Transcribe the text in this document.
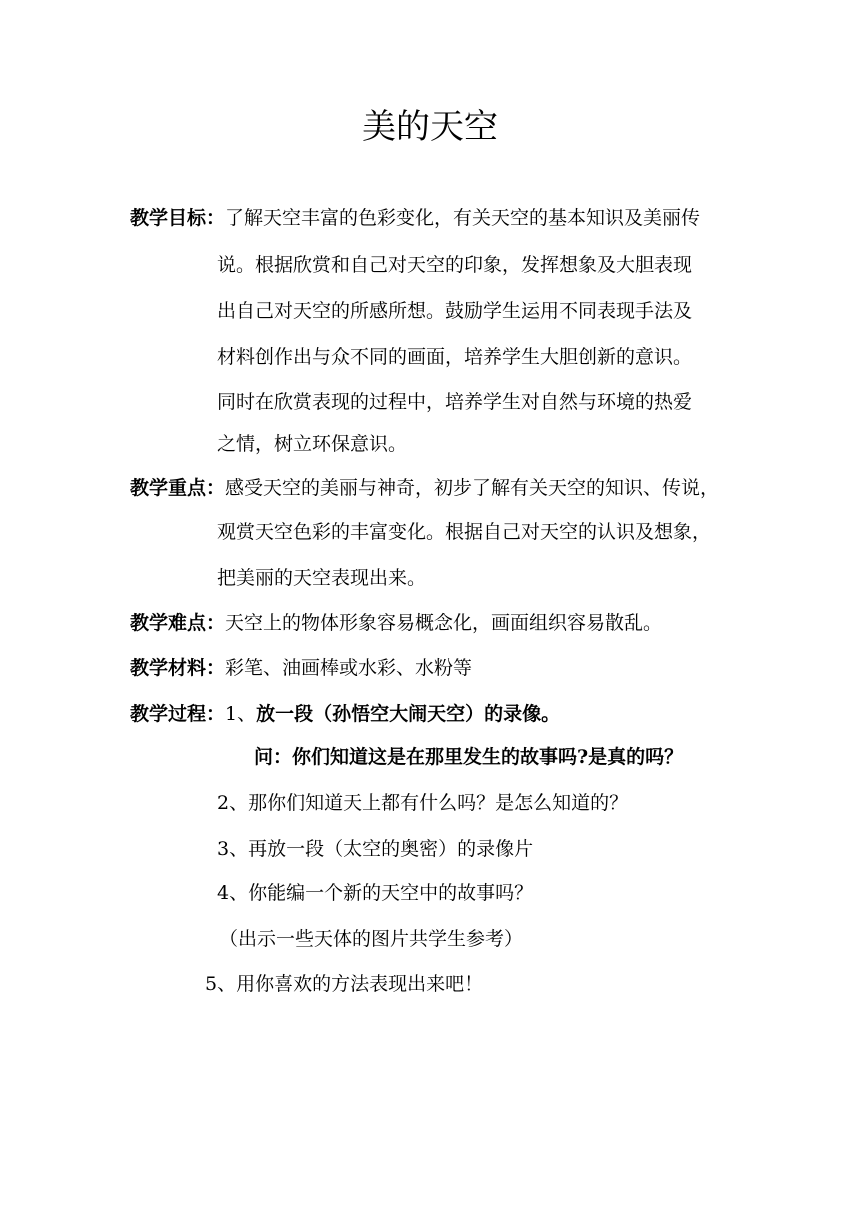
美的天空
教学目标：了解天空丰富的色彩变化，有关天空的基本知识及美丽传
说。根据欣赏和自己对天空的印象，发挥想象及大胆表现
出自己对天空的所感所想。鼓励学生运用不同表现手法及
材料创作出与众不同的画面，培养学生大胆创新的意识。
同时在欣赏表现的过程中，培养学生对自然与环境的热爱
之情，树立环保意识。
教学重点：感受天空的美丽与神奇，初步了解有关天空的知识、传说，
观赏天空色彩的丰富变化。根据自己对天空的认识及想象，
把美丽的天空表现出来。
教学难点：天空上的物体形象容易概念化，画面组织容易散乱。
教学材料：彩笔、油画棒或水彩、水粉等
教学过程：1、放一段（孙悟空大闹天空）的录像。
问：你们知道这是在那里发生的故事吗?是真的吗？
2、那你们知道天上都有什么吗？是怎么知道的？
3、再放一段（太空的奥密）的录像片
4、你能编一个新的天空中的故事吗？
（出示一些天体的图片共学生参考）
5、用你喜欢的方法表现出来吧！
